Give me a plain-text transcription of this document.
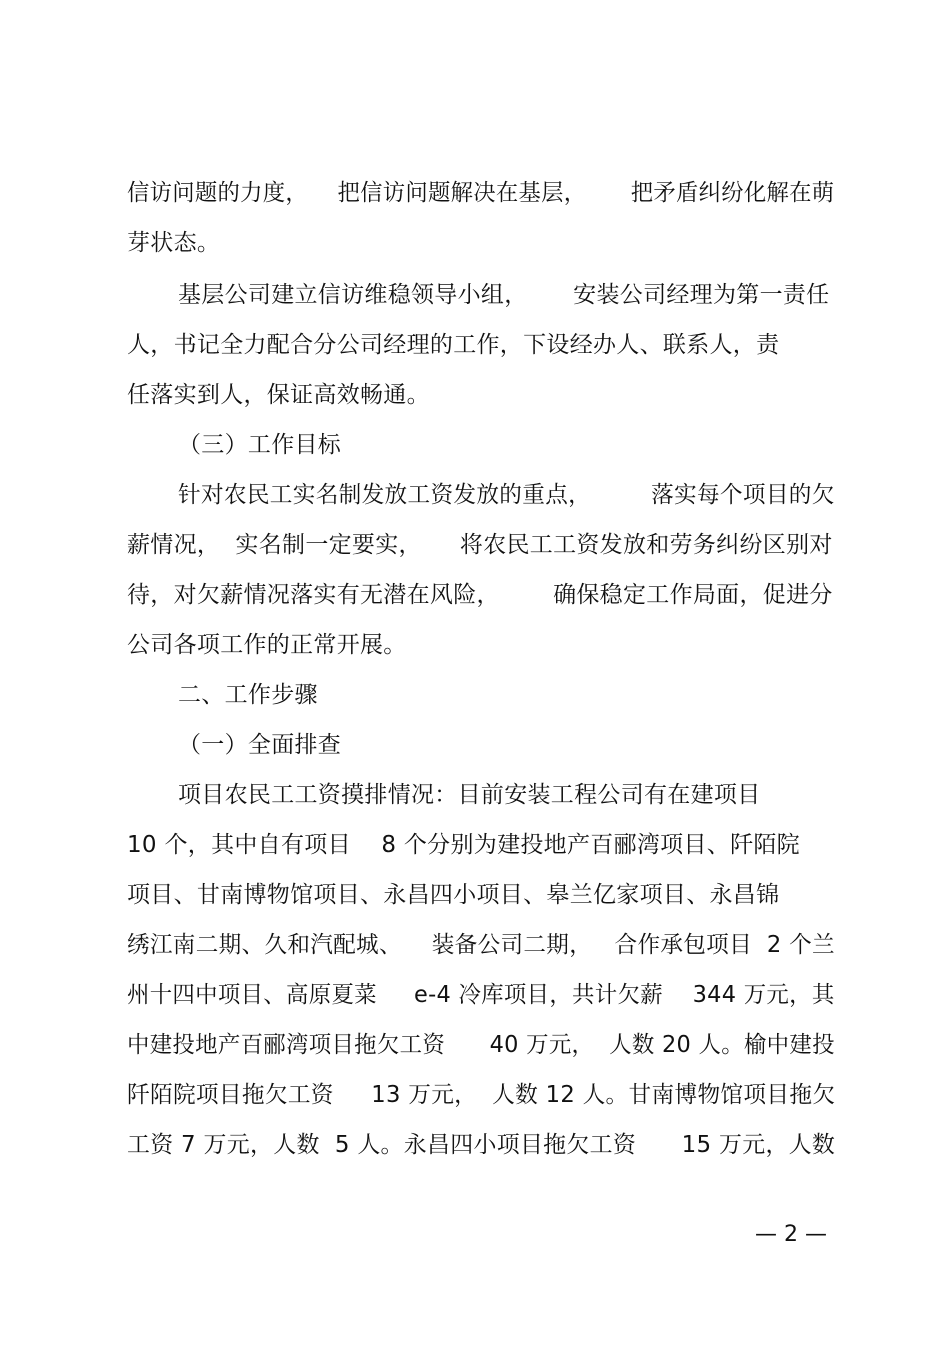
信访问题的力度，    把信访问题解决在基层，      把矛盾纠纷化解在萌
芽状态。
基层公司建立信访维稳领导小组，      安装公司经理为第一责任
人，书记全力配合分公司经理的工作，下设经办人、联系人，责
任落实到人，保证高效畅通。
（三）工作目标
针对农民工实名制发放工资发放的重点，        落实每个项目的欠
薪情况，  实名制一定要实，     将农民工工资发放和劳务纠纷区别对
待，对欠薪情况落实有无潜在风险，       确保稳定工作局面，促进分
公司各项工作的正常开展。
二、工作步骤
（一）全面排查
项目农民工工资摸排情况：目前安装工程公司有在建项目
10 个，其中自有项目    8 个分别为建投地产百郦湾项目、阡陌院
项目、甘南博物馆项目、永昌四小项目、皋兰亿家项目、永昌锦
绣江南二期、久和汽配城、    装备公司二期，   合作承包项目  2 个兰
州十四中项目、高原夏菜     e-4 冷库项目，共计欠薪    344 万元，其
中建投地产百郦湾项目拖欠工资      40 万元，  人数 20 人。榆中建投
阡陌院项目拖欠工资     13 万元，  人数 12 人。甘南博物馆项目拖欠
工资 7 万元，人数  5 人。永昌四小项目拖欠工资      15 万元，人数
— 2 —
